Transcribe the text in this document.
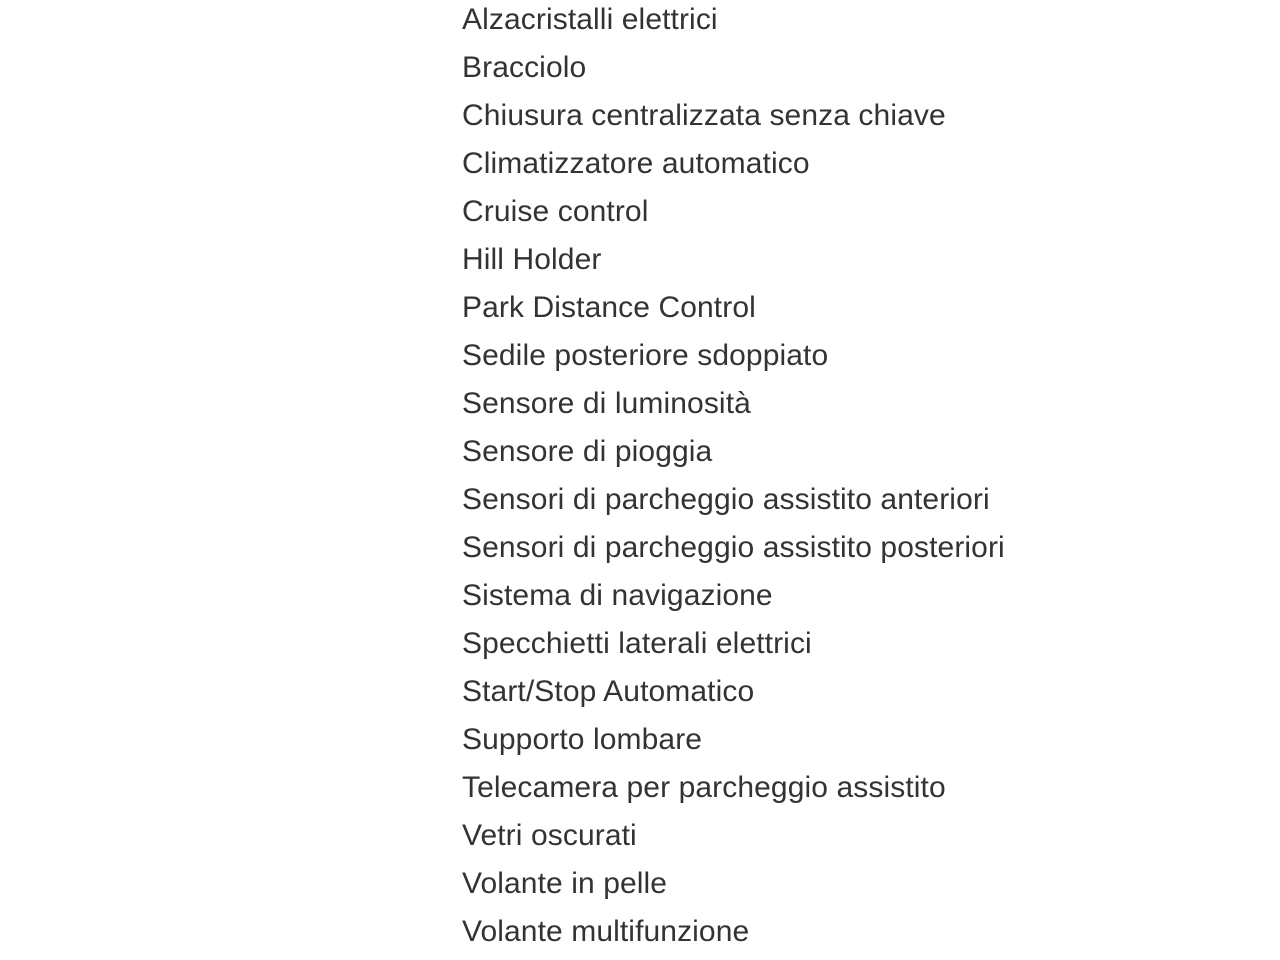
Alzacristalli elettrici
Bracciolo
Chiusura centralizzata senza chiave
Climatizzatore automatico
Cruise control
Hill Holder
Park Distance Control
Sedile posteriore sdoppiato
Sensore di luminosità
Sensore di pioggia
Sensori di parcheggio assistito anteriori
Sensori di parcheggio assistito posteriori
Sistema di navigazione
Specchietti laterali elettrici
Start/Stop Automatico
Supporto lombare
Telecamera per parcheggio assistito
Vetri oscurati
Volante in pelle
Volante multifunzione
